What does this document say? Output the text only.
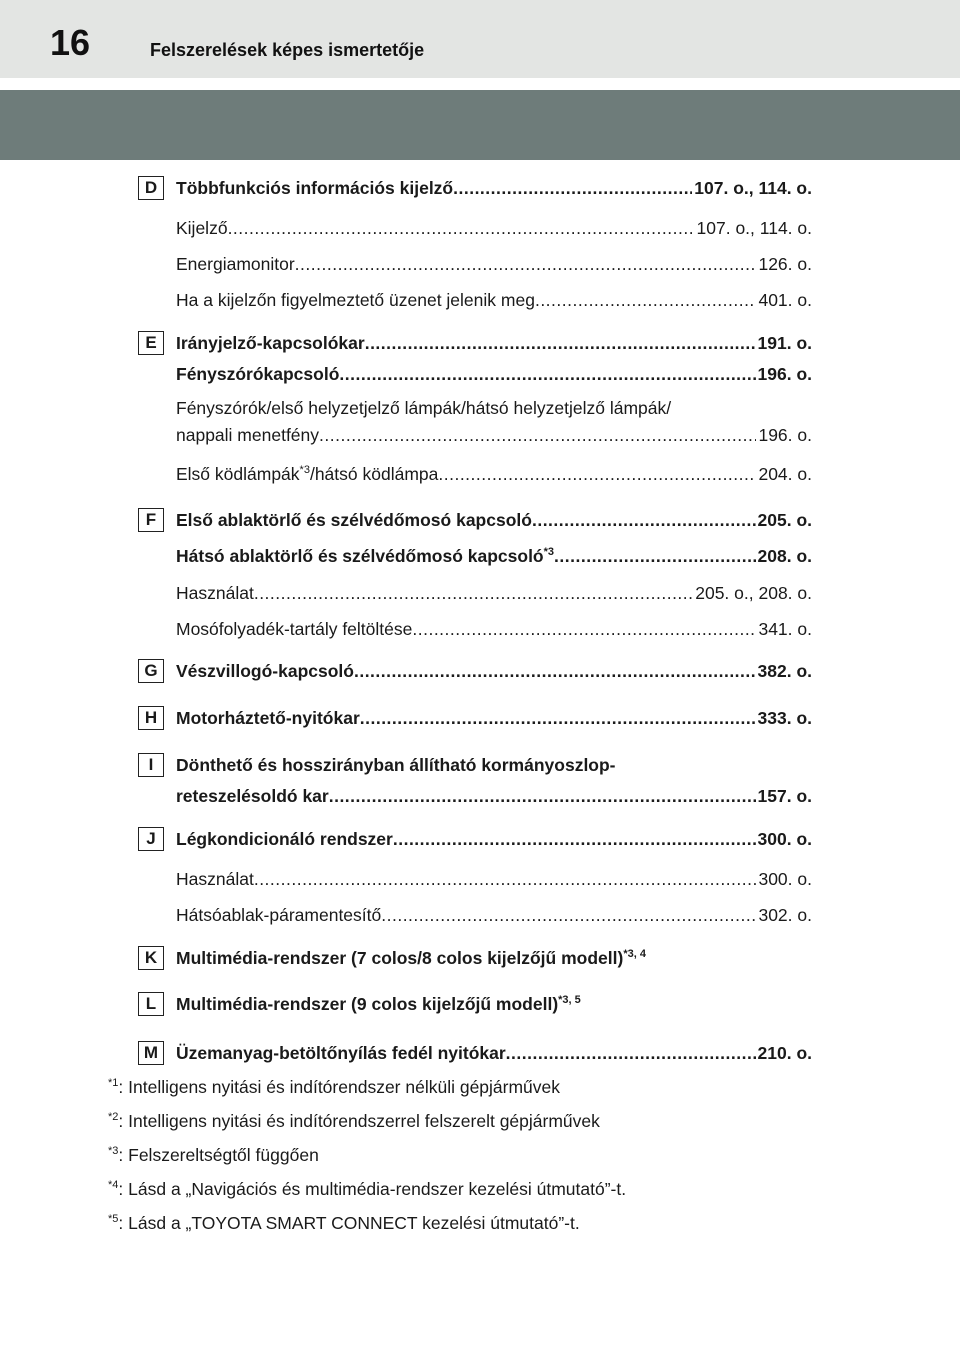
16	Felszerelések képes ismertetője
D	Többfunkciós információs kijelző .....	107. o., 114. o.
Kijelző .....	107. o., 114. o.
Energiamonitor .....	126. o.
Ha a kijelzőn figyelmeztető üzenet jelenik meg .....	401. o.
E	Irányjelző-kapcsolókar .....	191. o.
Fényszórókapcsoló .....	196. o.
Fényszórók/első helyzetjelző lámpák/hátsó helyzetjelző lámpák/
nappali menetfény .....	196. o.
Első ködlámpák$^{*3}$/hátsó ködlámpa .....	204. o.
F	Első ablaktörlő és szélvédőmosó kapcsoló .....	205. o.
Hátsó ablaktörlő és szélvédőmosó kapcsoló$^{*3}$ .....	208. o.
Használat .....	205. o., 208. o.
Mosófolyadék-tartály feltöltése .....	341. o.
G	Vészvillogó-kapcsoló .....	382. o.
H	Motorháztető-nyitókar .....	333. o.
I	Dönthető és hosszirányban állítható kormányoszlop-
reteszelésoldó kar .....	157. o.
J	Légkondicionáló rendszer .....	300. o.
Használat .....	300. o.
Hátsóablak-páramentesítő .....	302. o.
K	Multimédia-rendszer (7 colos/8 colos kijelzőjű modell)$^{*3, 4}$
L	Multimédia-rendszer (9 colos kijelzőjű modell)$^{*3, 5}$
M	Üzemanyag-betöltőnyílás fedél nyitókar .....	210. o.
$^{*1}$: Intelligens nyitási és indítórendszer nélküli gépjárművek
$^{*2}$: Intelligens nyitási és indítórendszerrel felszerelt gépjárművek
$^{*3}$: Felszereltségtől függően
$^{*4}$: Lásd a „Navigációs és multimédia-rendszer kezelési útmutató”-t.
$^{*5}$: Lásd a „TOYOTA SMART CONNECT kezelési útmutató”-t.
